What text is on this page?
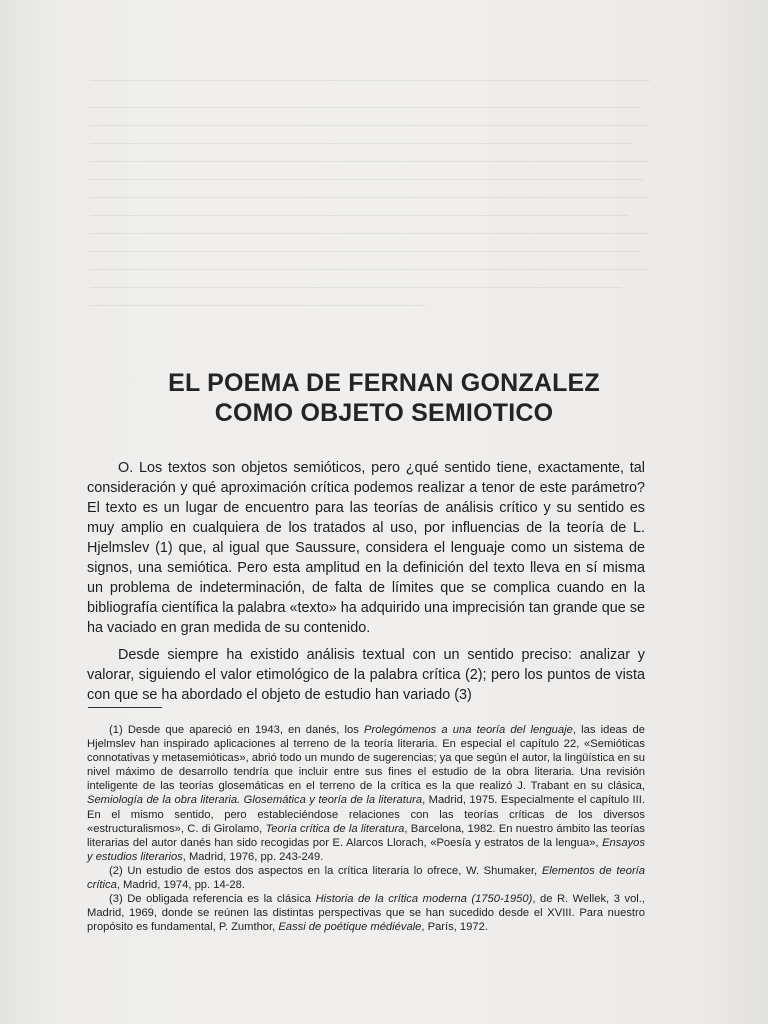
EL POEMA DE FERNAN GONZALEZ
COMO OBJETO SEMIOTICO

O. Los textos son objetos semióticos, pero ¿qué sentido tiene, exactamente, tal consideración y qué aproximación crítica podemos realizar a tenor de este parámetro? El texto es un lugar de encuentro para las teorías de análisis crítico y su sentido es muy amplio en cualquiera de los tratados al uso, por influencias de la teoría de L. Hjelmslev (1) que, al igual que Saussure, considera el lenguaje como un sistema de signos, una semiótica. Pero esta amplitud en la definición del texto lleva en sí misma un problema de indeterminación, de falta de límites que se complica cuando en la bibliografía científica la palabra «texto» ha adquirido una imprecisión tan grande que se ha vaciado en gran medida de su contenido.

Desde siempre ha existido análisis textual con un sentido preciso: analizar y valorar, siguiendo el valor etimológico de la palabra crítica (2); pero los puntos de vista con que se ha abordado el objeto de estudio han variado (3)

(1) Desde que apareció en 1943, en danés, los Prolegómenos a una teoría del lenguaje, las ideas de Hjelmslev han inspirado aplicaciones al terreno de la teoría literaria. En especial el capítulo 22, «Semióticas connotativas y metasemióticas», abrió todo un mundo de sugerencias; ya que según el autor, la lingüística en su nivel máximo de desarrollo tendría que incluir entre sus fines el estudio de la obra literaria. Una revisión inteligente de las teorías glosemáticas en el terreno de la crítica es la que realizó J. Trabant en su clásica, Semiología de la obra literaria. Glosemática y teoría de la literatura, Madrid, 1975. Especialmente el capítulo III. En el mismo sentido, pero estableciéndose relaciones con las teorías críticas de los diversos «estructuralismos», C. di Girolamo, Teoría crítica de la literatura, Barcelona, 1982. En nuestro ámbito las teorías literarias del autor danés han sido recogidas por E. Alarcos Llorach, «Poesía y estratos de la lengua», Ensayos y estudios literarios, Madrid, 1976, pp. 243-249.

(2) Un estudio de estos dos aspectos en la crítica literaria lo ofrece, W. Shumaker, Elementos de teoría crítica, Madrid, 1974, pp. 14-28.

(3) De obligada referencia es la clásica Historia de la crítica moderna (1750-1950), de R. Wellek, 3 vol., Madrid, 1969, donde se reúnen las distintas perspectivas que se han sucedido desde el XVIII. Para nuestro propósito es fundamental, P. Zumthor, Eassi de poétique médiévale, París, 1972.
